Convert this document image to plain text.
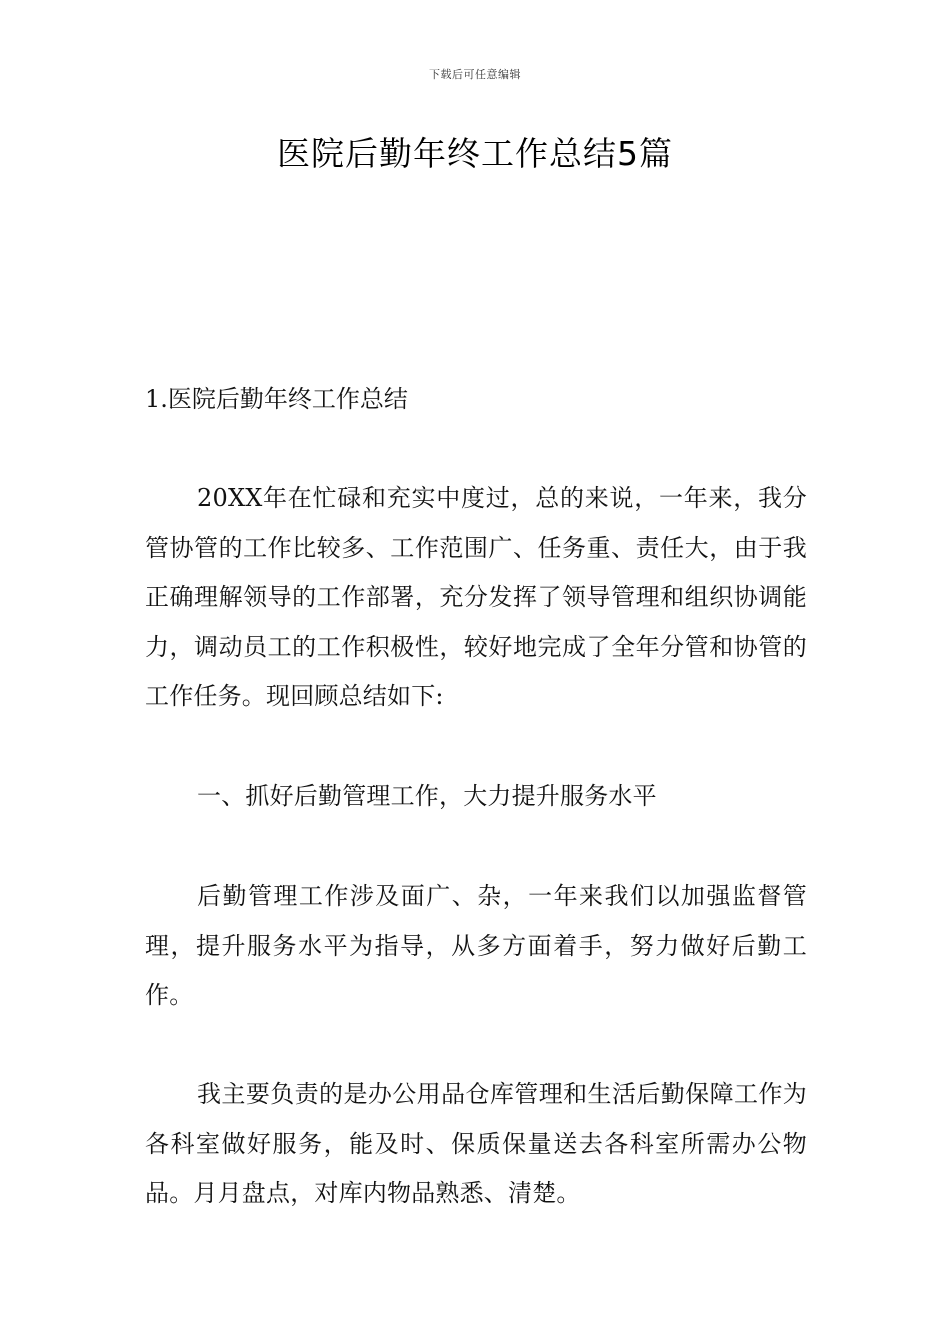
下载后可任意编辑
医院后勤年终工作总结5篇

1.医院后勤年终工作总结

20XX年在忙碌和充实中度过，总的来说，一年来，我分管协管的工作比较多、工作范围广、任务重、责任大，由于我正确理解领导的工作部署，充分发挥了领导管理和组织协调能力，调动员工的工作积极性，较好地完成了全年分管和协管的工作任务。现回顾总结如下:

一、抓好后勤管理工作，大力提升服务水平

后勤管理工作涉及面广、杂，一年来我们以加强监督管理，提升服务水平为指导，从多方面着手，努力做好后勤工作。

我主要负责的是办公用品仓库管理和生活后勤保障工作为各科室做好服务，能及时、保质保量送去各科室所需办公物品。月月盘点，对库内物品熟悉、清楚。
